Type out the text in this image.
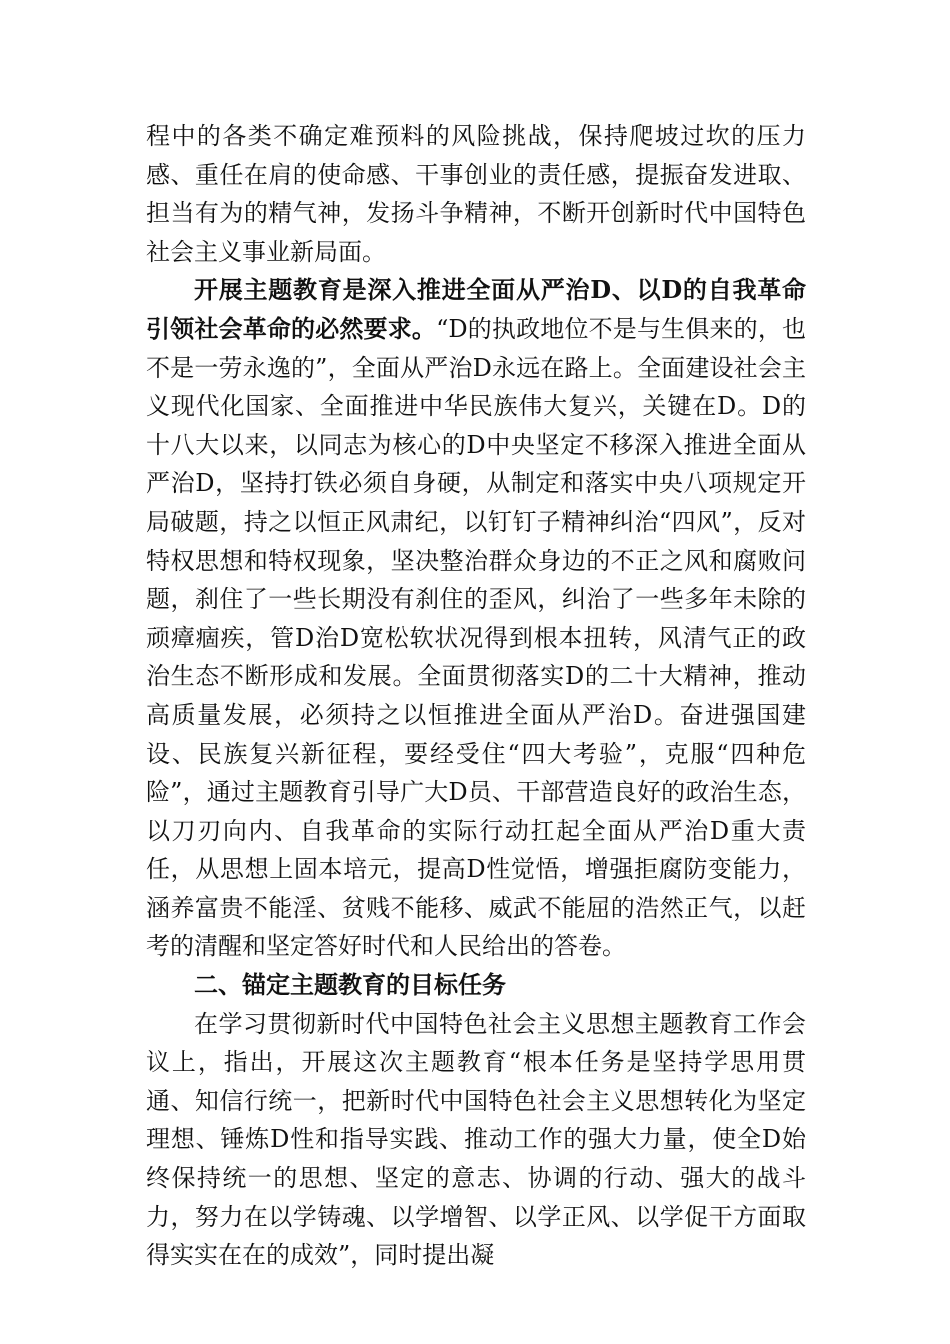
程中的各类不确定难预料的风险挑战，保持爬坡过坎的压力感、重任在肩的使命感、干事创业的责任感，提振奋发进取、担当有为的精气神，发扬斗争精神，不断开创新时代中国特色社会主义事业新局面。

开展主题教育是深入推进全面从严治D、以D的自我革命引领社会革命的必然要求。“D的执政地位不是与生俱来的，也不是一劳永逸的”，全面从严治D永远在路上。全面建设社会主义现代化国家、全面推进中华民族伟大复兴，关键在D。D的十八大以来，以同志为核心的D中央坚定不移深入推进全面从严治D，坚持打铁必须自身硬，从制定和落实中央八项规定开局破题，持之以恒正风肃纪，以钉钉子精神纠治“四风”，反对特权思想和特权现象，坚决整治群众身边的不正之风和腐败问题，刹住了一些长期没有刹住的歪风，纠治了一些多年未除的顽瘴痼疾，管D治D宽松软状况得到根本扭转，风清气正的政治生态不断形成和发展。全面贯彻落实D的二十大精神，推动高质量发展，必须持之以恒推进全面从严治D。奋进强国建设、民族复兴新征程，要经受住“四大考验”，克服“四种危险”，通过主题教育引导广大D员、干部营造良好的政治生态，以刀刃向内、自我革命的实际行动扛起全面从严治D重大责任，从思想上固本培元，提高D性觉悟，增强拒腐防变能力，涵养富贵不能淫、贫贱不能移、威武不能屈的浩然正气，以赶考的清醒和坚定答好时代和人民给出的答卷。

二、锚定主题教育的目标任务

在学习贯彻新时代中国特色社会主义思想主题教育工作会议上，指出，开展这次主题教育“根本任务是坚持学思用贯通、知信行统一，把新时代中国特色社会主义思想转化为坚定理想、锤炼D性和指导实践、推动工作的强大力量，使全D始终保持统一的思想、坚定的意志、协调的行动、强大的战斗力，努力在以学铸魂、以学增智、以学正风、以学促干方面取得实实在在的成效”，同时提出凝
